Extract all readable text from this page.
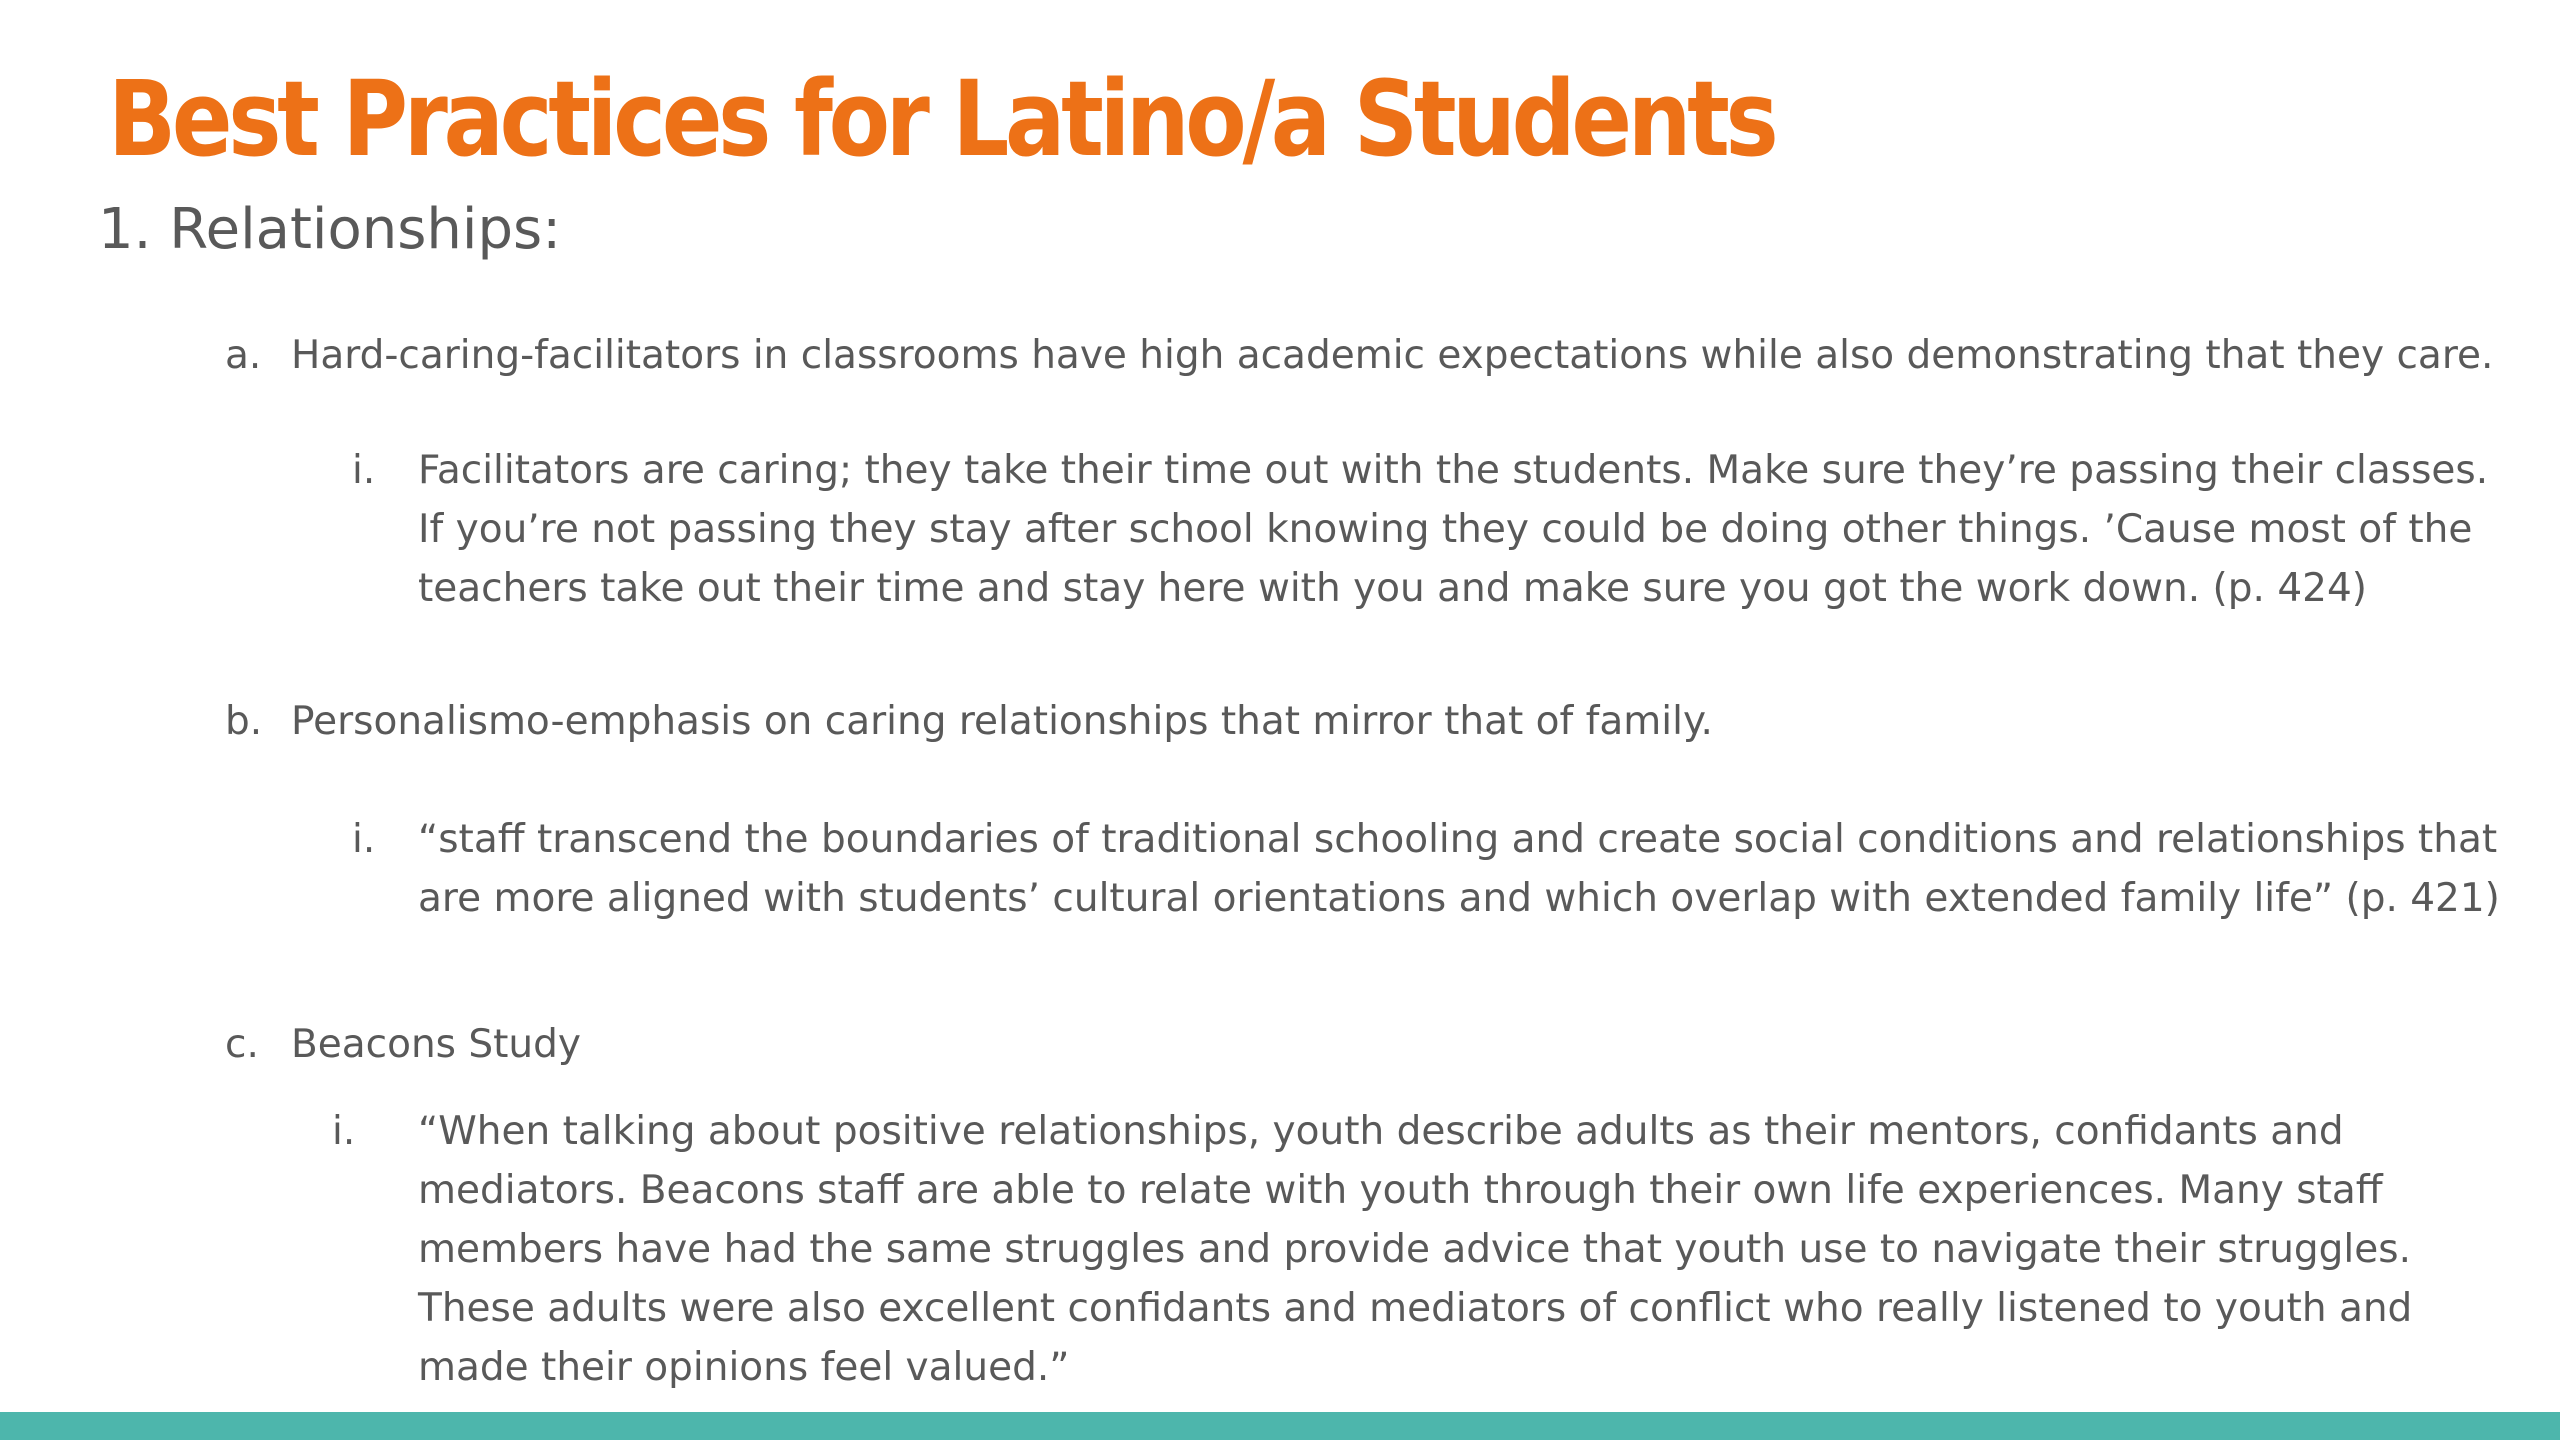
Best Practices for Latino/a Students
1. Relationships:
a. Hard-caring-facilitators in classrooms have high academic expectations while also demonstrating that they care.
i. Facilitators are caring; they take their time out with the students. Make sure they’re passing their classes. If you’re not passing they stay after school knowing they could be doing other things. ’Cause most of the teachers take out their time and stay here with you and make sure you got the work down. (p. 424)
b. Personalismo-emphasis on caring relationships that mirror that of family.
i. “staff transcend the boundaries of traditional schooling and create social conditions and relationships that are more aligned with students’ cultural orientations and which overlap with extended family life” (p. 421)
c. Beacons Study
i. “When talking about positive relationships, youth describe adults as their mentors, confidants and mediators. Beacons staff are able to relate with youth through their own life experiences. Many staff members have had the same struggles and provide advice that youth use to navigate their struggles. These adults were also excellent confidants and mediators of conflict who really listened to youth and made their opinions feel valued.”
